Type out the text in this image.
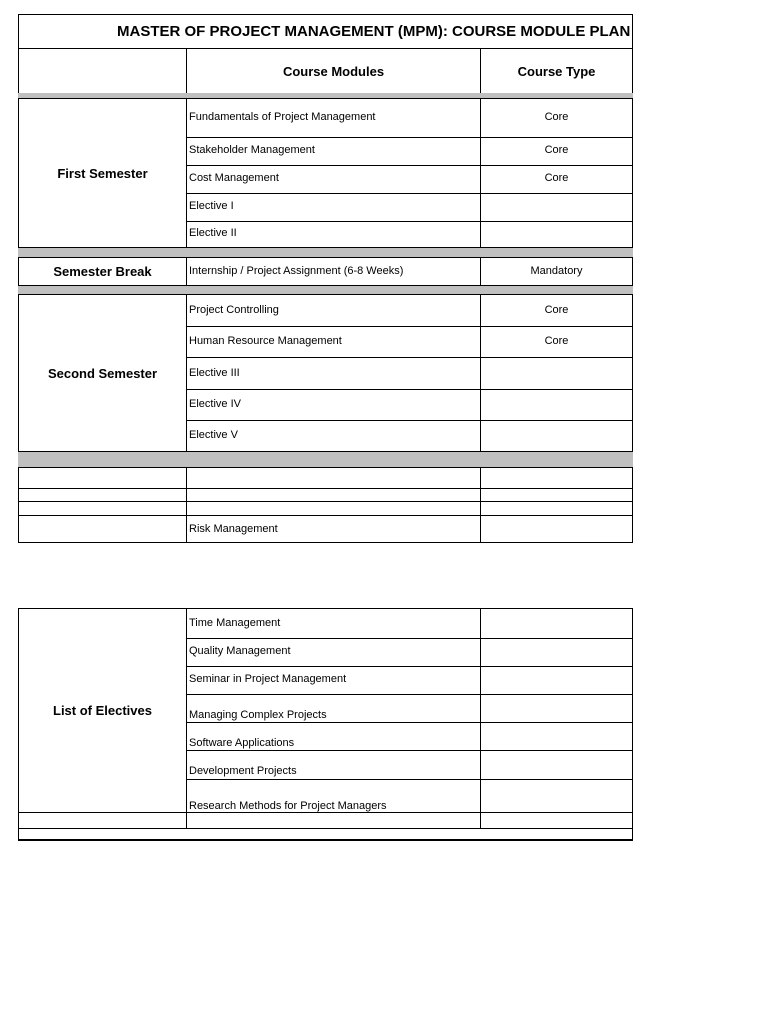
MASTER OF PROJECT MANAGEMENT (MPM): COURSE MODULE PLAN
Course Modules	Course Type
First Semester
Fundamentals of Project Management	Core
Stakeholder Management	Core
Cost Management	Core
Elective I
Elective II
Semester Break	Internship / Project Assignment (6-8 Weeks)	Mandatory
Second Semester
Project Controlling	Core
Human Resource Management	Core
Elective III
Elective IV
Elective V
Risk Management
List of Electives
Time Management
Quality Management
Seminar in Project Management
Managing Complex Projects
Software Applications
Development Projects
Research Methods for Project Managers
